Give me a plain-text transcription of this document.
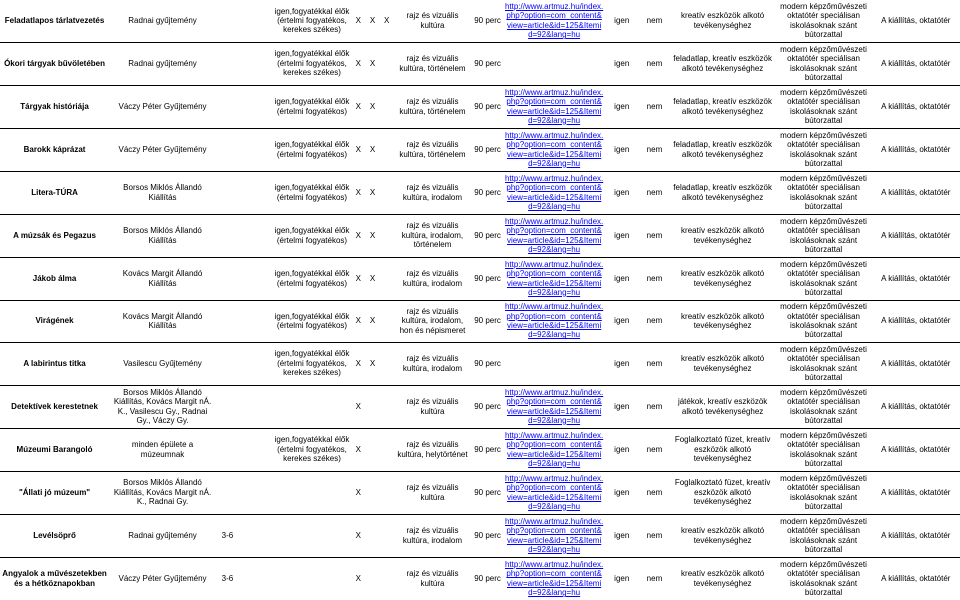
Feladatlapos tárlatvezetés	Radnai gyűjtemény			igen,fogyatékkal élők (értelmi fogyatékos, kerekes székes)	X	X	X	rajz és vizuális kultúra	90 perc	http://www.artmuz.hu/index.php?option=com_content&view=article&id=125&Itemid=92&lang=hu	igen	nem	kreatív eszközök alkotó tevékenységhez	modern képzőművészeti oktatótér speciálisan iskolásoknak szánt bútorzattal	A kiállítás, oktatótér
Ókori tárgyak bűvöletében	Radnai gyűjtemény			igen,fogyatékkal élők (értelmi fogyatékos, kerekes székes)	X	X		rajz és vizuális kultúra, történelem	90 perc		igen	nem	feladatlap, kreatív eszközök alkotó tevékenységhez	modern képzőművészeti oktatótér speciálisan iskolásoknak szánt bútorzattal	A kiállítás, oktatótér
Tárgyak históriája	Váczy Péter Gyűjtemény			igen,fogyatékkal élők (értelmi fogyatékos)	X	X		rajz és vizuális kultúra, történelem	90 perc	http://www.artmuz.hu/index.php?option=com_content&view=article&id=125&Itemid=92&lang=hu	igen	nem	feladatlap, kreatív eszközök alkotó tevékenységhez	modern képzőművészeti oktatótér speciálisan iskolásoknak szánt bútorzattal	A kiállítás, oktatótér
Barokk káprázat	Váczy Péter Gyűjtemény			igen,fogyatékkal élők (értelmi fogyatékos)	X	X		rajz és vizuális kultúra, történelem	90 perc	http://www.artmuz.hu/index.php?option=com_content&view=article&id=125&Itemid=92&lang=hu	igen	nem	feladatlap, kreatív eszközök alkotó tevékenységhez	modern képzőművészeti oktatótér speciálisan iskolásoknak szánt bútorzattal	A kiállítás, oktatótér
Litera-TÚRA	Borsos Miklós Állandó Kiállítás			igen,fogyatékkal élők (értelmi fogyatékos)	X	X		rajz és vizuális kultúra, irodalom	90 perc	http://www.artmuz.hu/index.php?option=com_content&view=article&id=125&Itemid=92&lang=hu	igen	nem	feladatlap, kreatív eszközök alkotó tevékenységhez	modern képzőművészeti oktatótér speciálisan iskolásoknak szánt bútorzattal	A kiállítás, oktatótér
A múzsák és Pegazus	Borsos Miklós Állandó Kiállítás			igen,fogyatékkal élők (értelmi fogyatékos)	X	X		rajz és vizuális kultúra, irodalom, történelem	90 perc	http://www.artmuz.hu/index.php?option=com_content&view=article&id=125&Itemid=92&lang=hu	igen	nem	kreatív eszközök alkotó tevékenységhez	modern képzőművészeti oktatótér speciálisan iskolásoknak szánt bútorzattal	A kiállítás, oktatótér
Jákob álma	Kovács Margit Állandó Kiállítás			igen,fogyatékkal élők (értelmi fogyatékos)	X	X		rajz és vizuális kultúra, irodalom	90 perc	http://www.artmuz.hu/index.php?option=com_content&view=article&id=125&Itemid=92&lang=hu	igen	nem	kreatív eszközök alkotó tevékenységhez	modern képzőművészeti oktatótér speciálisan iskolásoknak szánt bútorzattal	A kiállítás, oktatótér
Virágének	Kovács Margit Állandó Kiállítás			igen,fogyatékkal élők (értelmi fogyatékos)	X	X		rajz és vizuális kultúra, irodalom, hon és népismeret	90 perc	http://www.artmuz.hu/index.php?option=com_content&view=article&id=125&Itemid=92&lang=hu	igen	nem	kreatív eszközök alkotó tevékenységhez	modern képzőművészeti oktatótér speciálisan iskolásoknak szánt bútorzattal	A kiállítás, oktatótér
A labirintus titka	Vasilescu Gyűjtemény			igen,fogyatékkal élők (értelmi fogyatékos, kerekes székes)	X	X		rajz és vizuális kultúra, irodalom	90 perc		igen	nem	kreatív eszközök alkotó tevékenységhez	modern képzőművészeti oktatótér speciálisan iskolásoknak szánt bútorzattal	A kiállítás, oktatótér
Detektívek kerestetnek	Borsos Miklós Állandó Kiállítás, Kovács Margit nÁ. K., Vasilescu Gy., Radnai Gy., Váczy Gy.				X			rajz és vizuális kultúra	90 perc	http://www.artmuz.hu/index.php?option=com_content&view=article&id=125&Itemid=92&lang=hu	igen	nem	játékok, kreatív eszközök alkotó tevékenységhez	modern képzőművészeti oktatótér speciálisan iskolásoknak szánt bútorzattal	A kiállítás, oktatótér
Múzeumi Barangoló	minden épülete a múzeumnak			igen,fogyatékkal élők (értelmi fogyatékos, kerekes székes)	X			rajz és vizuális kultúra, helytörténet	90 perc	http://www.artmuz.hu/index.php?option=com_content&view=article&id=125&Itemid=92&lang=hu	igen	nem	Foglalkoztató füzet, kreatív eszközök alkotó tevékenységhez	modern képzőművészeti oktatótér speciálisan iskolásoknak szánt bútorzattal	A kiállítás, oktatótér
"Állati jó múzeum"	Borsos Miklós Állandó Kiállítás, Kovács Margit nÁ. K., Radnai Gy.				X			rajz és vizuális kultúra	90 perc	http://www.artmuz.hu/index.php?option=com_content&view=article&id=125&Itemid=92&lang=hu	igen	nem	Foglalkoztató füzet, kreatív eszközök alkotó tevékenységhez	modern képzőművészeti oktatótér speciálisan iskolásoknak szánt bútorzattal	A kiállítás, oktatótér
Levélsöprő	Radnai gyűjtemény	3-6			X			rajz és vizuális kultúra, irodalom	90 perc	http://www.artmuz.hu/index.php?option=com_content&view=article&id=125&Itemid=92&lang=hu	igen	nem	kreatív eszközök alkotó tevékenységhez	modern képzőművészeti oktatótér speciálisan iskolásoknak szánt bútorzattal	A kiállítás, oktatótér
Angyalok a művészetekben és a hétköznapokban	Váczy Péter Gyűjtemény	3-6			X			rajz és vizuális kultúra	90 perc	http://www.artmuz.hu/index.php?option=com_content&view=article&id=125&Itemid=92&lang=hu	igen	nem	kreatív eszközök alkotó tevékenységhez	modern képzőművészeti oktatótér speciálisan iskolásoknak szánt bútorzattal	A kiállítás, oktatótér
